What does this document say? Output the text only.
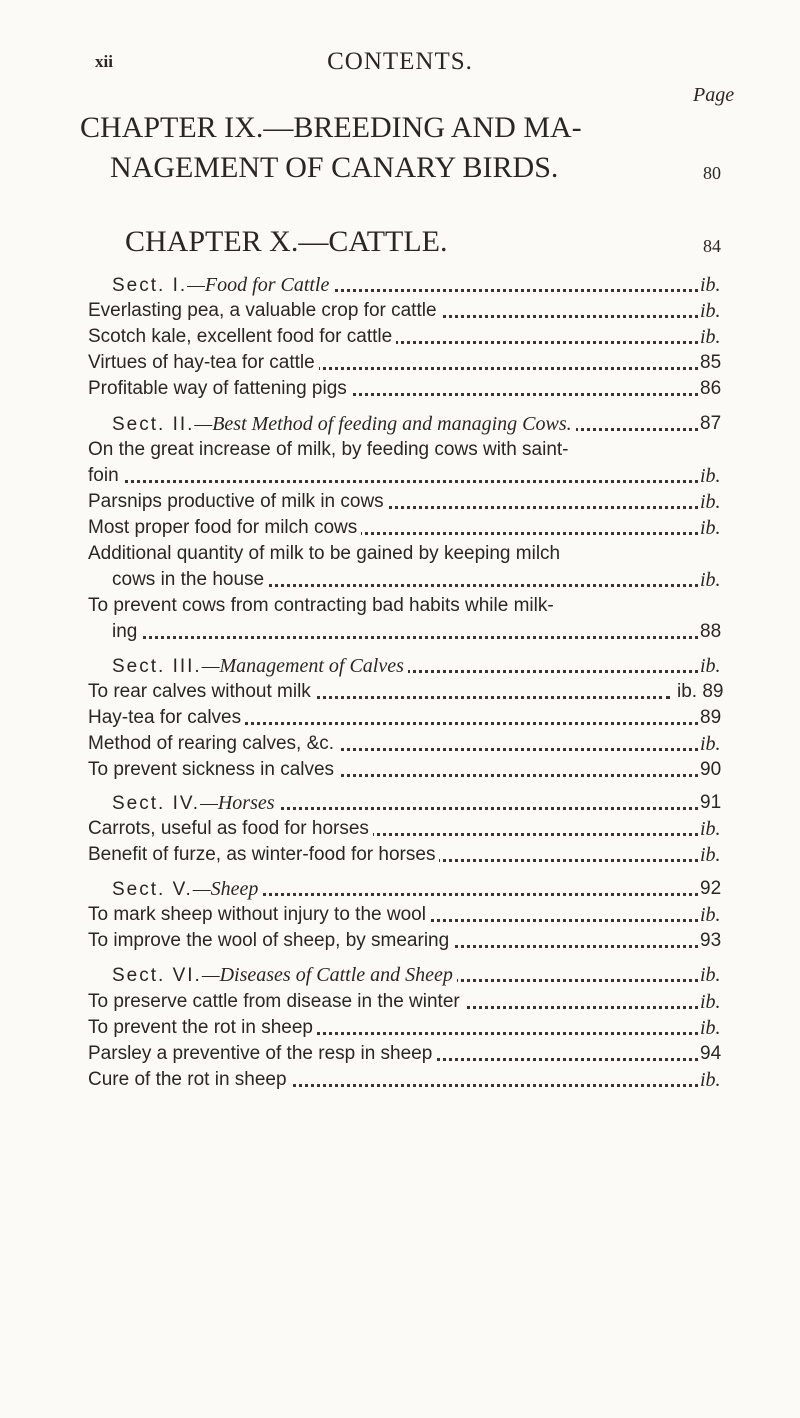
xii	CONTENTS.
Page
CHAPTER IX.—BREEDING AND MA-
NAGEMENT OF CANARY BIRDS.	80
CHAPTER X.—CATTLE.	84
Sect. I.—Food for Cattle	ib.
Everlasting pea, a valuable crop for cattle	ib.
Scotch kale, excellent food for cattle	ib.
Virtues of hay-tea for cattle	85
Profitable way of fattening pigs	86
Sect. II.—Best Method of feeding and managing Cows.	87
On the great increase of milk, by feeding cows with saint-
foin	ib.
Parsnips productive of milk in cows	ib.
Most proper food for milch cows	ib.
Additional quantity of milk to be gained by keeping milch
cows in the house	ib.
To prevent cows from contracting bad habits while milk-
ing	88
Sect. III.—Management of Calves	ib.
To rear calves without milk	ib. 89
Hay-tea for calves	89
Method of rearing calves, &c.	ib.
To prevent sickness in calves	90
Sect. IV.—Horses	91
Carrots, useful as food for horses	ib.
Benefit of furze, as winter-food for horses	ib.
Sect. V.—Sheep	92
To mark sheep without injury to the wool	ib.
To improve the wool of sheep, by smearing	93
Sect. VI.—Diseases of Cattle and Sheep	ib.
To preserve cattle from disease in the winter	ib.
To prevent the rot in sheep	ib.
Parsley a preventive of the resp in sheep	94
Cure of the rot in sheep	ib.
